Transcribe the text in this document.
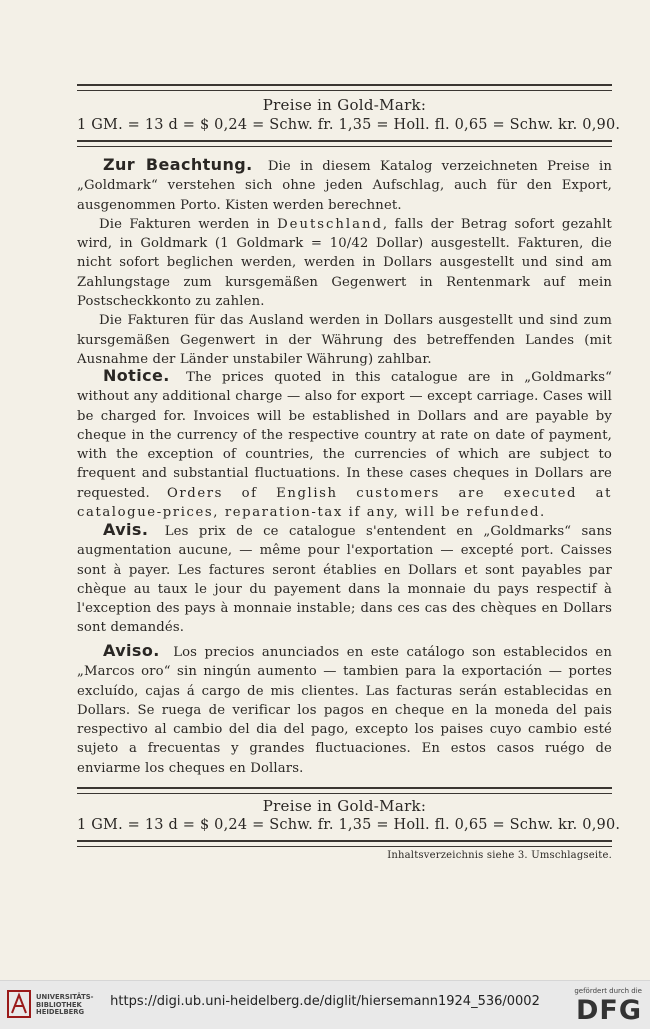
Preise in Gold-Mark:
1 GM. = 13 d = $ 0,24 = Schw. fr. 1,35 = Holl. fl. 0,65 = Schw. kr. 0,90.

Zur Beachtung. Die in diesem Katalog verzeichneten Preise in „Goldmark“ verstehen sich ohne jeden Aufschlag, auch für den Export, ausgenommen Porto. Kisten werden berechnet.

Die Fakturen werden in Deutschland, falls der Betrag sofort gezahlt wird, in Goldmark (1 Goldmark = 10/42 Dollar) ausgestellt. Fakturen, die nicht sofort beglichen werden, werden in Dollars ausgestellt und sind am Zahlungstage zum kursgemäßen Gegenwert in Rentenmark auf mein Postscheckkonto zu zahlen.

Die Fakturen für das Ausland werden in Dollars ausgestellt und sind zum kursgemäßen Gegenwert in der Währung des betreffenden Landes (mit Ausnahme der Länder unstabiler Währung) zahlbar.

Notice. The prices quoted in this catalogue are in „Goldmarks“ without any additional charge — also for export — except carriage. Cases will be charged for. Invoices will be established in Dollars and are payable by cheque in the currency of the respective country at rate on date of payment, with the exception of countries, the currencies of which are subject to frequent and substantial fluctuations. In these cases cheques in Dollars are requested. Orders of English customers are executed at catalogue-prices, reparation-tax if any, will be refunded.

Avis. Les prix de ce catalogue s'entendent en „Goldmarks“ sans augmentation aucune, — même pour l'exportation — excepté port. Caisses sont à payer. Les factures seront établies en Dollars et sont payables par chèque au taux le jour du payement dans la monnaie du pays respectif à l'exception des pays à monnaie instable; dans ces cas des chèques en Dollars sont demandés.

Aviso. Los precios anunciados en este catálogo son establecidos en „Marcos oro“ sin ningún aumento — tambien para la exportación — portes excluído, cajas á cargo de mis clientes. Las facturas serán establecidas en Dollars. Se ruega de verificar los pagos en cheque en la moneda del pais respectivo al cambio del dia del pago, excepto los paises cuyo cambio esté sujeto a frecuentas y grandes fluctuaciones. En estos casos ruégo de enviarme los cheques en Dollars.

Preise in Gold-Mark:
1 GM. = 13 d = $ 0,24 = Schw. fr. 1,35 = Holl. fl. 0,65 = Schw. kr. 0,90.
Inhaltsverzeichnis siehe 3. Umschlagseite.
UNIVERSITÄTS-
BIBLIOTHEK
HEIDELBERG
https://digi.ub.uni-heidelberg.de/diglit/hiersemann1924_536/0002
gefördert durch die
DFG
